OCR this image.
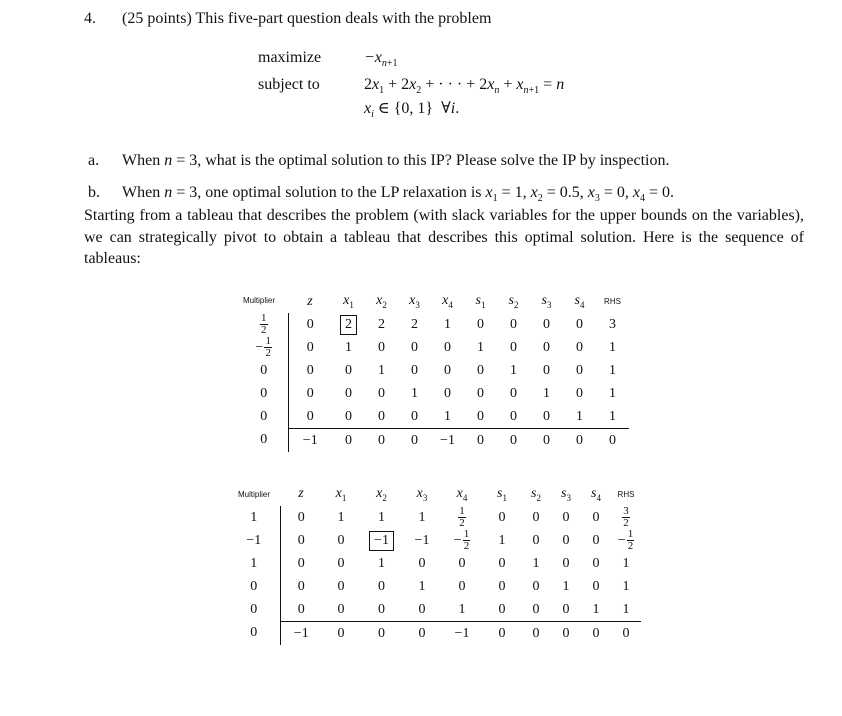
4. (25 points) This five-part question deals with the problem
maximize
subject to
$-x_{n+1}$
$2x_1 + 2x_2$ + · · · + $2x_n + x_{n+1} = n$
$x_i$ ∈ {0, 1}  ∀i.
a. When n = 3, what is the optimal solution to this IP? Please solve the IP by inspection.
b. When n = 3, one optimal solution to the LP relaxation is $x_1 = 1$, $x_2 = 0.5$, $x_3 = 0$, $x_4 = 0$.
Starting from a tableau that describes the problem (with slack variables for the upper bounds on the variables), we can strategically pivot to obtain a tableau that describes this optimal solution. Here is the sequence of tableaus:
Multiplier
	z	$x_1$	$x_2$	$x_3$	$x_4$	$s_1$	$s_2$	$s_3$	$s_4$	RHS

$\frac{1}{2}$	0	2	2	2	1	0	0	0	0	3
− $\frac{1}{2}$	0	1	0	0	0	1	0	0	0	1
0	0	0	1	0	0	0	1	0	0	1
0	0	0	0	1	0	0	0	1	0	1
0	0	0	0	0	1	0	0	0	1	1
0	−1	0	0	0	−1	0	0	0	0	0
Multiplier	z	$x_1$	$x_2$	$x_3$	$x_4$	$s_1$	$s_2$	$s_3$	$s_4$	RHS
1	0	1	1	1	$\frac{1}{2}$	0	0	0	0	$\frac{3}{2}$

−1	0	0	−1	−1	− $\frac{1}{2}$	1	0	0	0	− $\frac{1}{2}$

1	0	0	1	0	0	0	1	0	0	1
0	0	0	0	1	0	0	0	1	0	1
0	0	0	0	0	1	0	0	0	1	1
0	−1	0	0	0	−1	0	0	0	0	0
